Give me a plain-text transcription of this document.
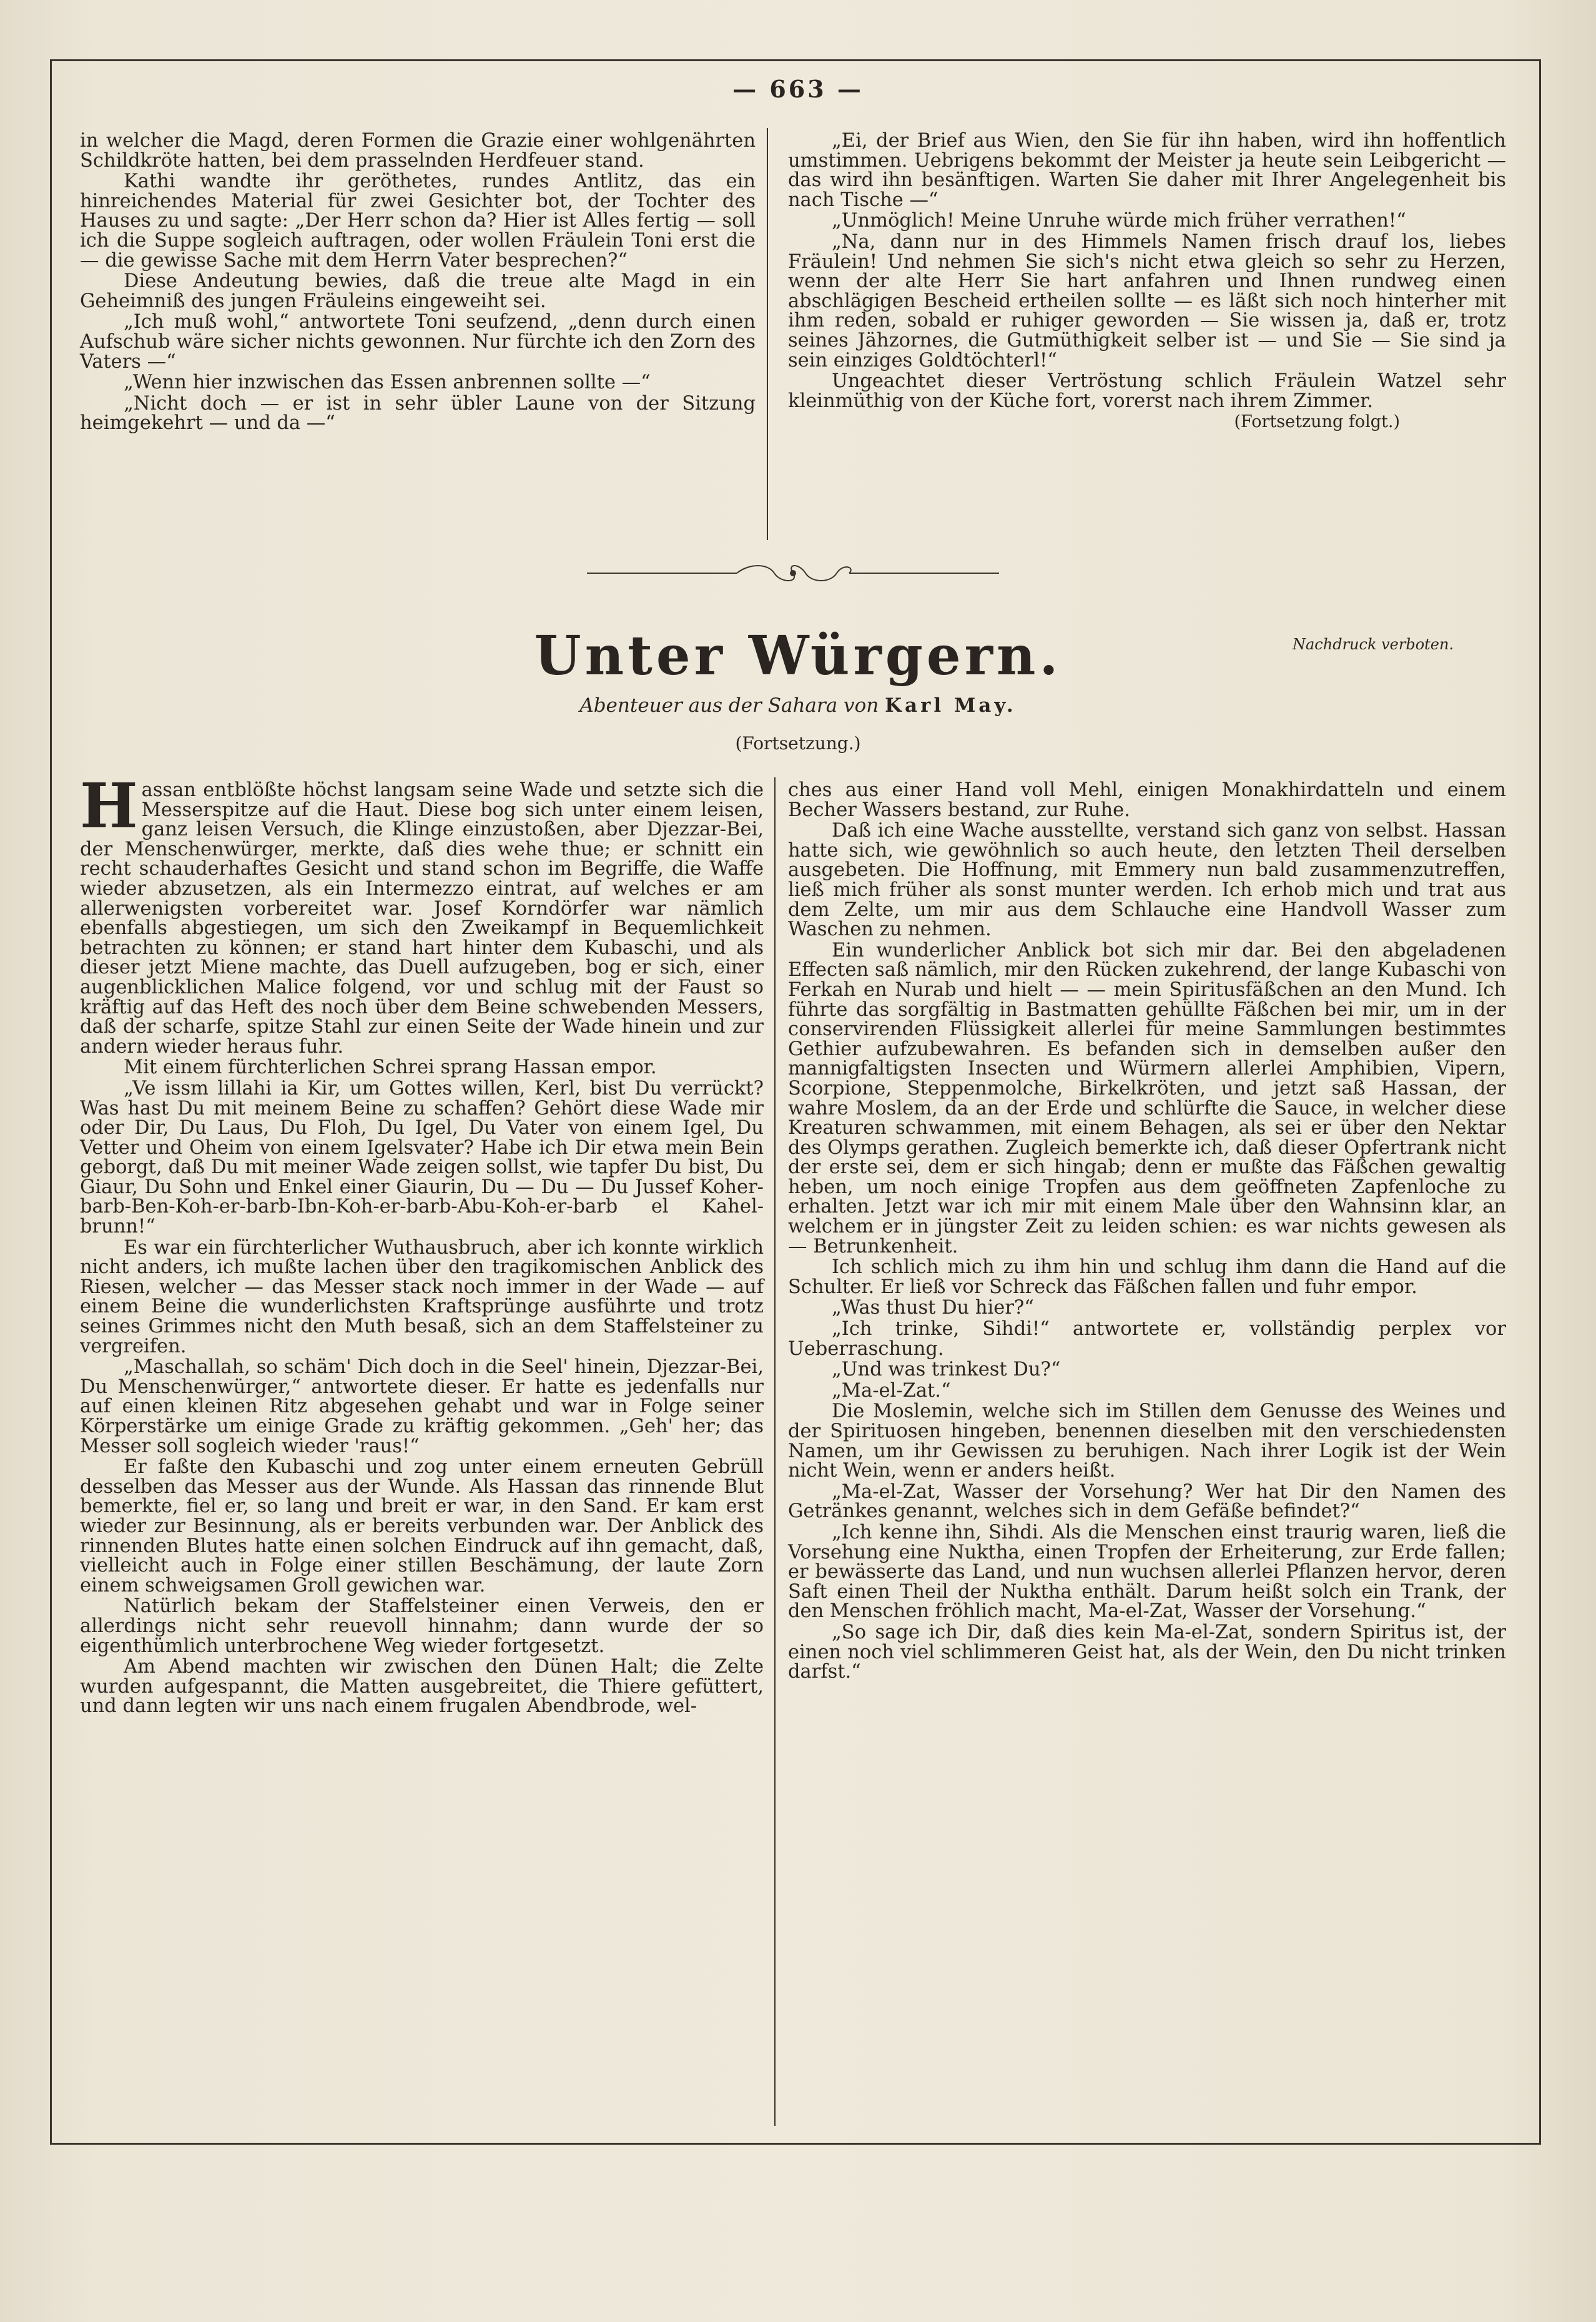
— 663 —

in welcher die Magd, deren Formen die Grazie einer wohlgenährten Schildkröte hatten, bei dem prasselnden Herdfeuer stand.

Kathi wandte ihr geröthetes, rundes Antlitz, das ein hinreichendes Material für zwei Gesichter bot, der Tochter des Hauses zu und sagte: „Der Herr schon da? Hier ist Alles fertig — soll ich die Suppe sogleich auftragen, oder wollen Fräulein Toni erst die — die gewisse Sache mit dem Herrn Vater besprechen?“

Diese Andeutung bewies, daß die treue alte Magd in ein Geheimniß des jungen Fräuleins eingeweiht sei.

„Ich muß wohl,“ antwortete Toni seufzend, „denn durch einen Aufschub wäre sicher nichts gewonnen. Nur fürchte ich den Zorn des Vaters —“

„Wenn hier inzwischen das Essen anbrennen sollte —“

„Nicht doch — er ist in sehr übler Laune von der Sitzung heimgekehrt — und da —“

„Ei, der Brief aus Wien, den Sie für ihn haben, wird ihn hoffentlich umstimmen. Uebrigens bekommt der Meister ja heute sein Leibgericht — das wird ihn besänftigen. Warten Sie daher mit Ihrer Angelegenheit bis nach Tische —“

„Unmöglich! Meine Unruhe würde mich früher verrathen!“

„Na, dann nur in des Himmels Namen frisch drauf los, liebes Fräulein! Und nehmen Sie sich's nicht etwa gleich so sehr zu Herzen, wenn der alte Herr Sie hart anfahren und Ihnen rundweg einen abschlägigen Bescheid ertheilen sollte — es läßt sich noch hinterher mit ihm reden, sobald er ruhiger geworden — Sie wissen ja, daß er, trotz seines Jähzornes, die Gutmüthigkeit selber ist — und Sie — Sie sind ja sein einziges Goldtöchterl!“

Ungeachtet dieser Vertröstung schlich Fräulein Watzel sehr kleinmüthig von der Küche fort, vorerst nach ihrem Zimmer.

(Fortsetzung folgt.)

Unter Würgern.	Nachdruck verboten.
Abenteuer aus der Sahara von Karl May.
(Fortsetzung.)

Hassan entblößte höchst langsam seine Wade und setzte sich die Messerspitze auf die Haut. Diese bog sich unter einem leisen, ganz leisen Versuch, die Klinge einzustoßen, aber Djezzar-Bei, der Menschenwürger, merkte, daß dies wehe thue; er schnitt ein recht schauderhaftes Gesicht und stand schon im Begriffe, die Waffe wieder abzusetzen, als ein Intermezzo eintrat, auf welches er am allerwenigsten vorbereitet war. Josef Korndörfer war nämlich ebenfalls abgestiegen, um sich den Zweikampf in Bequemlichkeit betrachten zu können; er stand hart hinter dem Kubaschi, und als dieser jetzt Miene machte, das Duell aufzugeben, bog er sich, einer augenblicklichen Malice folgend, vor und schlug mit der Faust so kräftig auf das Heft des noch über dem Beine schwebenden Messers, daß der scharfe, spitze Stahl zur einen Seite der Wade hinein und zur andern wieder heraus fuhr.

Mit einem fürchterlichen Schrei sprang Hassan empor.

„Ve issm lillahi ia Kir, um Gottes willen, Kerl, bist Du verrückt? Was hast Du mit meinem Beine zu schaffen? Gehört diese Wade mir oder Dir, Du Laus, Du Floh, Du Igel, Du Vater von einem Igel, Du Vetter und Oheim von einem Igelsvater? Habe ich Dir etwa mein Bein geborgt, daß Du mit meiner Wade zeigen sollst, wie tapfer Du bist, Du Giaur, Du Sohn und Enkel einer Giaurin, Du — Du — Du Jussef Koher-barb-Ben-Koh-er-barb-Ibn-Koh-er-barb-Abu-Koh-er-barb el Kahel-brunn!“

Es war ein fürchterlicher Wuthausbruch, aber ich konnte wirklich nicht anders, ich mußte lachen über den tragikomischen Anblick des Riesen, welcher — das Messer stack noch immer in der Wade — auf einem Beine die wunderlichsten Kraftsprünge ausführte und trotz seines Grimmes nicht den Muth besaß, sich an dem Staffelsteiner zu vergreifen.

„Maschallah, so schäm' Dich doch in die Seel' hinein, Djezzar-Bei, Du Menschenwürger,“ antwortete dieser. Er hatte es jedenfalls nur auf einen kleinen Ritz abgesehen gehabt und war in Folge seiner Körperstärke um einige Grade zu kräftig gekommen. „Geh' her; das Messer soll sogleich wieder 'raus!“

Er faßte den Kubaschi und zog unter einem erneuten Gebrüll desselben das Messer aus der Wunde. Als Hassan das rinnende Blut bemerkte, fiel er, so lang und breit er war, in den Sand. Er kam erst wieder zur Besinnung, als er bereits verbunden war. Der Anblick des rinnenden Blutes hatte einen solchen Eindruck auf ihn gemacht, daß, vielleicht auch in Folge einer stillen Beschämung, der laute Zorn einem schweigsamen Groll gewichen war.

Natürlich bekam der Staffelsteiner einen Verweis, den er allerdings nicht sehr reuevoll hinnahm; dann wurde der so eigenthümlich unterbrochene Weg wieder fortgesetzt.

Am Abend machten wir zwischen den Dünen Halt; die Zelte wurden aufgespannt, die Matten ausgebreitet, die Thiere gefüttert, und dann legten wir uns nach einem frugalen Abendbrode, wel-

ches aus einer Hand voll Mehl, einigen Monakhirdatteln und einem Becher Wassers bestand, zur Ruhe.

Daß ich eine Wache ausstellte, verstand sich ganz von selbst. Hassan hatte sich, wie gewöhnlich so auch heute, den letzten Theil derselben ausgebeten. Die Hoffnung, mit Emmery nun bald zusammenzutreffen, ließ mich früher als sonst munter werden. Ich erhob mich und trat aus dem Zelte, um mir aus dem Schlauche eine Handvoll Wasser zum Waschen zu nehmen.

Ein wunderlicher Anblick bot sich mir dar. Bei den abgeladenen Effecten saß nämlich, mir den Rücken zukehrend, der lange Kubaschi von Ferkah en Nurab und hielt — — mein Spiritusfäßchen an den Mund. Ich führte das sorgfältig in Bastmatten gehüllte Fäßchen bei mir, um in der conservirenden Flüssigkeit allerlei für meine Sammlungen bestimmtes Gethier aufzubewahren. Es befanden sich in demselben außer den mannigfaltigsten Insecten und Würmern allerlei Amphibien, Vipern, Scorpione, Steppenmolche, Birkelkröten, und jetzt saß Hassan, der wahre Moslem, da an der Erde und schlürfte die Sauce, in welcher diese Kreaturen schwammen, mit einem Behagen, als sei er über den Nektar des Olymps gerathen. Zugleich bemerkte ich, daß dieser Opfertrank nicht der erste sei, dem er sich hingab; denn er mußte das Fäßchen gewaltig heben, um noch einige Tropfen aus dem geöffneten Zapfenloche zu erhalten. Jetzt war ich mir mit einem Male über den Wahnsinn klar, an welchem er in jüngster Zeit zu leiden schien: es war nichts gewesen als — Betrunkenheit.

Ich schlich mich zu ihm hin und schlug ihm dann die Hand auf die Schulter. Er ließ vor Schreck das Fäßchen fallen und fuhr empor.

„Was thust Du hier?“

„Ich trinke, Sihdi!“ antwortete er, vollständig perplex vor Ueberraschung.

„Und was trinkest Du?“

„Ma-el-Zat.“

Die Moslemin, welche sich im Stillen dem Genusse des Weines und der Spirituosen hingeben, benennen dieselben mit den verschiedensten Namen, um ihr Gewissen zu beruhigen. Nach ihrer Logik ist der Wein nicht Wein, wenn er anders heißt.

„Ma-el-Zat, Wasser der Vorsehung? Wer hat Dir den Namen des Getränkes genannt, welches sich in dem Gefäße befindet?“

„Ich kenne ihn, Sihdi. Als die Menschen einst traurig waren, ließ die Vorsehung eine Nuktha, einen Tropfen der Erheiterung, zur Erde fallen; er bewässerte das Land, und nun wuchsen allerlei Pflanzen hervor, deren Saft einen Theil der Nuktha enthält. Darum heißt solch ein Trank, der den Menschen fröhlich macht, Ma-el-Zat, Wasser der Vorsehung.“

„So sage ich Dir, daß dies kein Ma-el-Zat, sondern Spiritus ist, der einen noch viel schlimmeren Geist hat, als der Wein, den Du nicht trinken darfst.“
